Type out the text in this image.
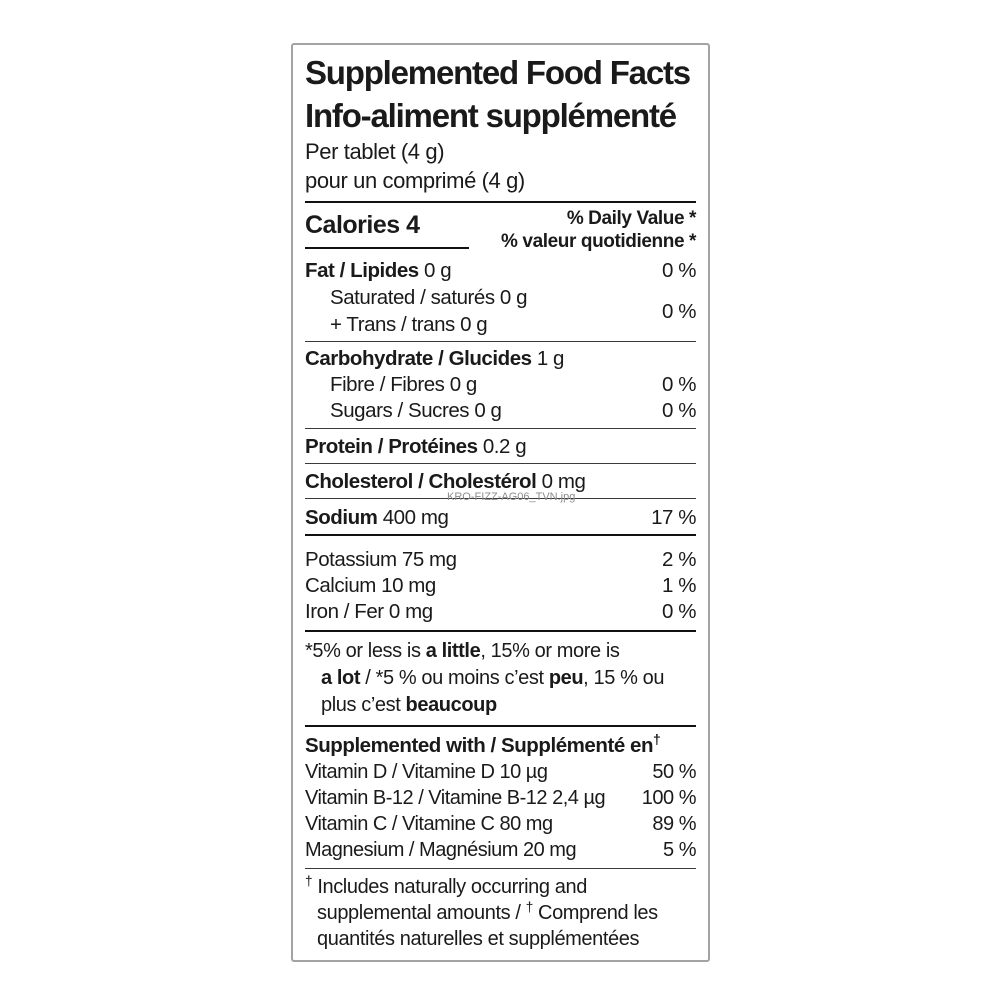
Supplemented Food Facts
Info-aliment supplémenté
Per tablet (4 g)
pour un comprimé (4 g)
Calories 4	% Daily Value *
% valeur quotidienne *
Fat / Lipides 0 g	0 %
Saturated / saturés 0 g
+ Trans / trans 0 g
0 %
Carbohydrate / Glucides 1 g
Fibre / Fibres 0 g	0 %
Sugars / Sucres 0 g	0 %
Protein / Protéines 0.2 g
Cholesterol / Cholestérol 0 mg
Sodium 400 mg	17 %
Potassium 75 mg	2 %
Calcium 10 mg	1 %
Iron / Fer 0 mg	0 %
*5% or less is a little, 15% or more is
a lot / *5 % ou moins c’est peu, 15 % ou
plus c’est beaucoup
Supplemented with / Supplémenté en†
Vitamin D / Vitamine D 10 µg	50 %
Vitamin B-12 / Vitamine B-12 2,4 µg	100 %
Vitamin C / Vitamine C 80 mg	89 %
Magnesium / Magnésium 20 mg	5 %
† Includes naturally occurring and
supplemental amounts / † Comprend les
quantités naturelles et supplémentées
KRO-FIZZ-AG06_TVN.jpg
